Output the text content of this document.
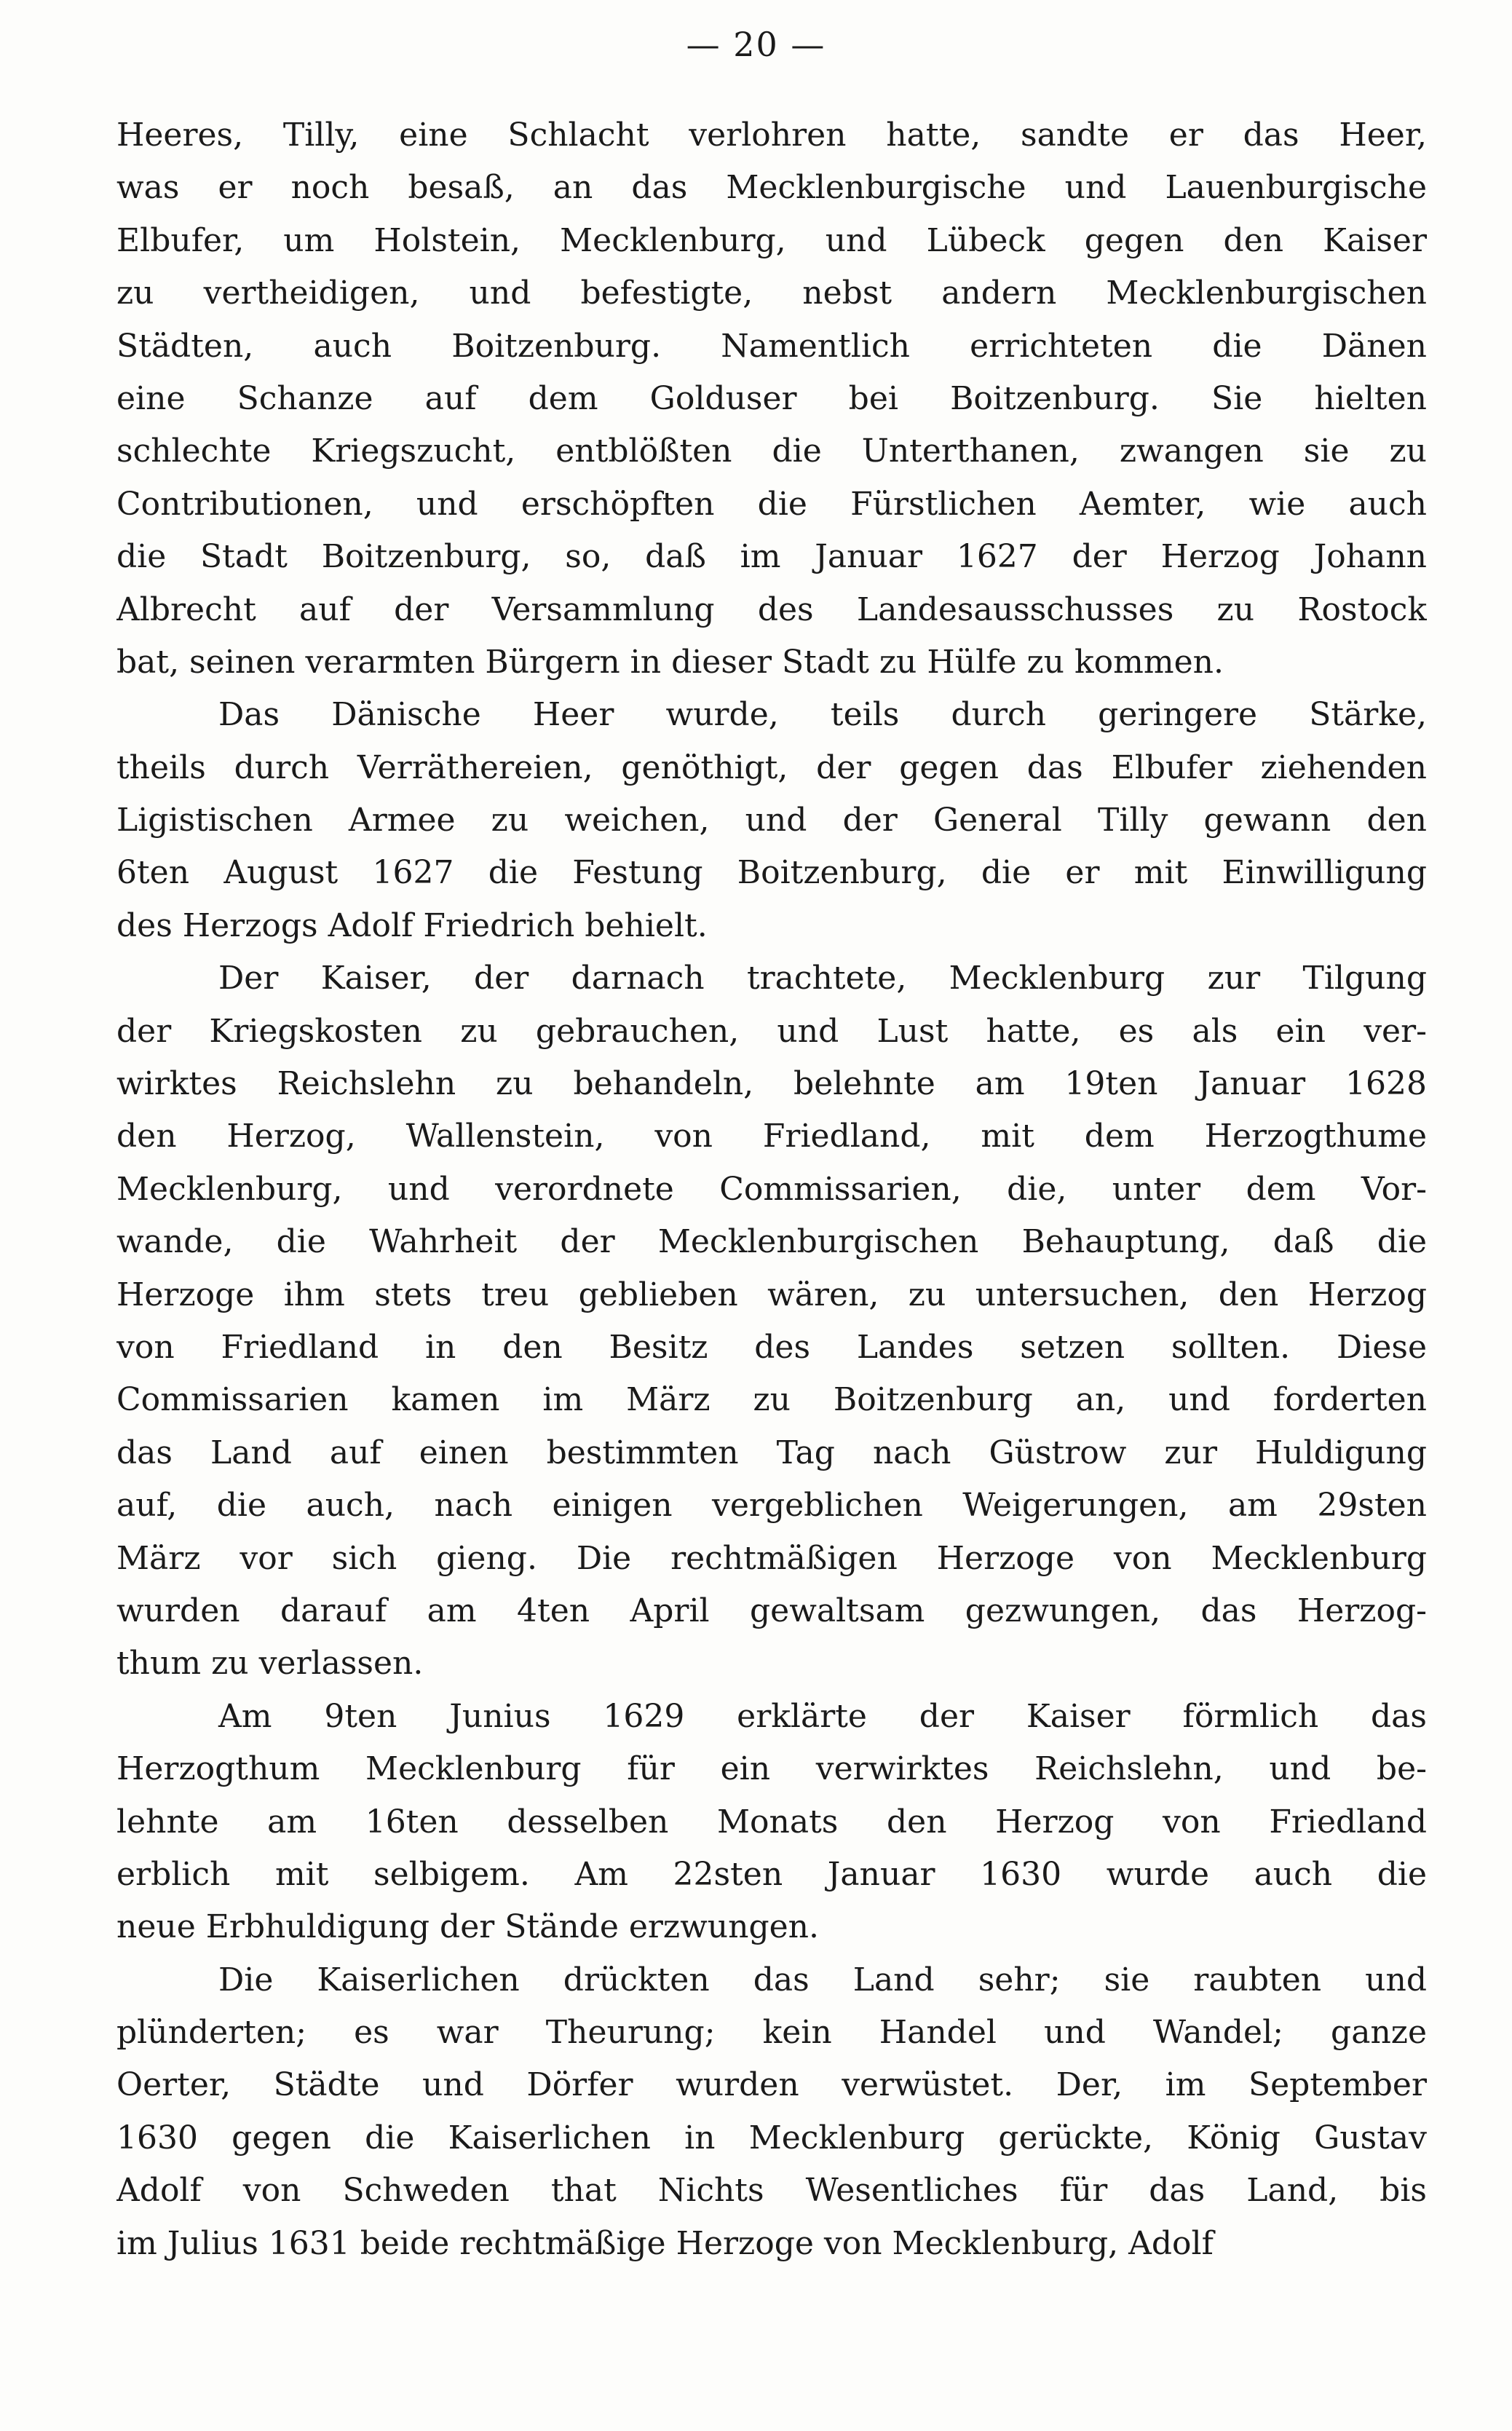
— 20 —
Heeres, Tilly, eine Schlacht verlohren hatte, sandte er das Heer,
was er noch besaß, an das Mecklenburgische und Lauenburgische
Elbufer, um Holstein, Mecklenburg, und Lübeck gegen den Kaiser
zu vertheidigen, und befestigte, nebst andern Mecklenburgischen
Städten, auch Boitzenburg. Namentlich errichteten die Dänen
eine Schanze auf dem Golduser bei Boitzenburg. Sie hielten
schlechte Kriegszucht, entblößten die Unterthanen, zwangen sie zu
Contributionen, und erschöpften die Fürstlichen Aemter, wie auch
die Stadt Boitzenburg, so, daß im Januar 1627 der Herzog Johann
Albrecht auf der Versammlung des Landesausschusses zu Rostock
bat, seinen verarmten Bürgern in dieser Stadt zu Hülfe zu kommen.
Das Dänische Heer wurde, teils durch geringere Stärke,
theils durch Verräthereien, genöthigt, der gegen das Elbufer ziehenden
Ligistischen Armee zu weichen, und der General Tilly gewann den
6ten August 1627 die Festung Boitzenburg, die er mit Einwilligung
des Herzogs Adolf Friedrich behielt.
Der Kaiser, der darnach trachtete, Mecklenburg zur Tilgung
der Kriegskosten zu gebrauchen, und Lust hatte, es als ein ver-
wirktes Reichslehn zu behandeln, belehnte am 19ten Januar 1628
den Herzog, Wallenstein, von Friedland, mit dem Herzogthume
Mecklenburg, und verordnete Commissarien, die, unter dem Vor-
wande, die Wahrheit der Mecklenburgischen Behauptung, daß die
Herzoge ihm stets treu geblieben wären, zu untersuchen, den Herzog
von Friedland in den Besitz des Landes setzen sollten. Diese
Commissarien kamen im März zu Boitzenburg an, und forderten
das Land auf einen bestimmten Tag nach Güstrow zur Huldigung
auf, die auch, nach einigen vergeblichen Weigerungen, am 29sten
März vor sich gieng. Die rechtmäßigen Herzoge von Mecklenburg
wurden darauf am 4ten April gewaltsam gezwungen, das Herzog-
thum zu verlassen.
Am 9ten Junius 1629 erklärte der Kaiser förmlich das
Herzogthum Mecklenburg für ein verwirktes Reichslehn, und be-
lehnte am 16ten desselben Monats den Herzog von Friedland
erblich mit selbigem. Am 22sten Januar 1630 wurde auch die
neue Erbhuldigung der Stände erzwungen.
Die Kaiserlichen drückten das Land sehr; sie raubten und
plünderten; es war Theurung; kein Handel und Wandel; ganze
Oerter, Städte und Dörfer wurden verwüstet. Der, im September
1630 gegen die Kaiserlichen in Mecklenburg gerückte, König Gustav
Adolf von Schweden that Nichts Wesentliches für das Land, bis
im Julius 1631 beide rechtmäßige Herzoge von Mecklenburg, Adolf
